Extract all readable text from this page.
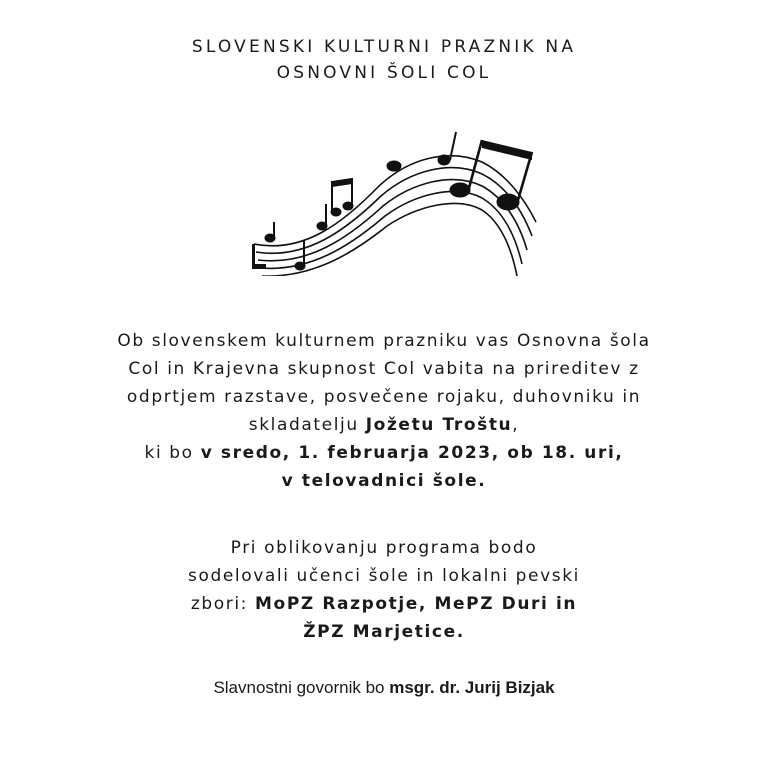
SLOVENSKI KULTURNI PRAZNIK NA
OSNOVNI ŠOLI COL
Ob slovenskem kulturnem prazniku vas Osnovna šola
Col in Krajevna skupnost Col vabita na prireditev z
odprtjem razstave, posvečene rojaku, duhovniku in
skladatelju Jožetu Troštu,
ki bo v sredo, 1. februarja 2023, ob 18. uri,
v telovadnici šole.
Pri oblikovanju programa bodo
sodelovali učenci šole in lokalni pevski
zbori: MoPZ Razpotje, MePZ Duri in
ŽPZ Marjetice.
Slavnostni govornik bo msgr. dr. Jurij Bizjak
